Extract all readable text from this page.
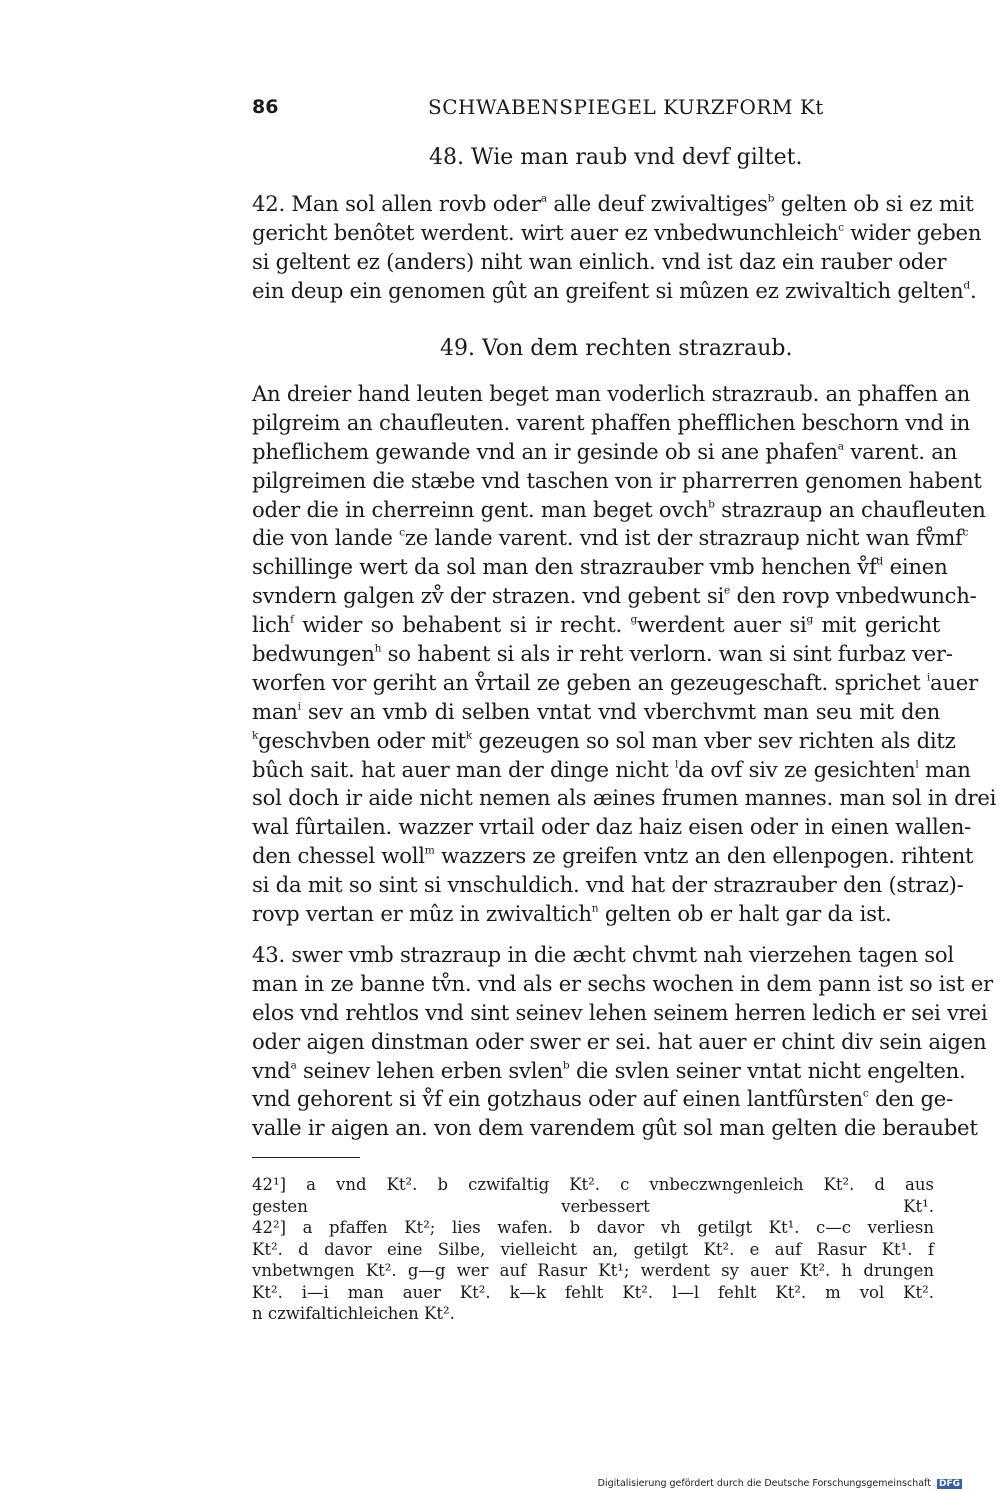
86	SCHWABENSPIEGEL KURZFORM Kt
48. Wie man raub vnd devf giltet.
42. Man sol allen rovb oder$^a$ alle deuf zwivaltiges$^b$ gelten ob si ez mit
gericht benôtet werdent. wirt auer ez vnbedwunchleich$^c$ wider geben
si geltent ez (anders) niht wan einlich. vnd ist daz ein rauber oder
ein deup ein genomen gût an greifent si mûzen ez zwivaltich gelten$^d$.
49. Von dem rechten strazraub.
An dreier hand leuten beget man voderlich strazraub. an phaffen an
pilgreim an chaufleuten. varent phaffen phefflichen beschorn vnd in
pheflichem gewande vnd an ir gesinde ob si ane phafen$^a$ varent. an
pilgreimen die stæbe vnd taschen von ir pharrerren genomen habent
oder die in cherreinn gent. man beget ovch$^b$ strazraup an chaufleuten
die von lande $^c$ze lande varent. vnd ist der strazraup nicht wan $fv̊mf^c$
schillinge wert da sol man den strazrauber vmb henchen $v̊f^d$ einen
svndern galgen zv̊ der strazen. vnd gebent $si^e$ den rovp vnbedwunch-
lich$^f$ wider so behabent si ir recht. $^g$werdent auer $si^g$ mit gericht
bedwungen$^h$ so habent si als ir reht verlorn. wan si sint furbaz ver-
worfen vor geriht an v̊rtail ze geben an gezeugeschaft. sprichet $^i$auer
man$^i$ sev an vmb di selben vntat vnd vberchvmt man seu mit den
$^k$geschvben oder mit$^k$ gezeugen so sol man vber sev richten als ditz
bûch sait. hat auer man der dinge nicht $^l$da ovf siv ze gesichten$^l$ man
sol doch ir aide nicht nemen als æines frumen mannes. man sol in drei
wal fûrtailen. wazzer vrtail oder daz haiz eisen oder in einen wallen-
den chessel woll$^m$ wazzers ze greifen vntz an den ellenpogen. rihtent
si da mit so sint si vnschuldich. vnd hat der strazrauber den (straz)-
rovp vertan er mûz in zwivaltich$^n$ gelten ob er halt gar da ist.
43. swer vmb strazraup in die æcht chvmt nah vierzehen tagen sol
man in ze banne tv̊n. vnd als er sechs wochen in dem pann ist so ist er
elos vnd rehtlos vnd sint seinev lehen seinem herren ledich er sei vrei
oder aigen dinstman oder swer er sei. hat auer er chint div sein aigen
vnd$^a$ seinev lehen erben svlen$^b$ die svlen seiner vntat nicht engelten.
vnd gehorent si v̊f ein gotzhaus oder auf einen lantfûrsten$^c$ den ge-
valle ir aigen an. von dem varendem gût sol man gelten die beraubet
42¹] a vnd Kt². b czwifaltig Kt². c vnbeczwngenleich Kt². d aus
gesten verbessert Kt¹.
42²] a pfaffen Kt²; lies wafen. b davor vh getilgt Kt¹. c—c verliesn
Kt². d davor eine Silbe, vielleicht an, getilgt Kt². e auf Rasur Kt¹. f
vnbetwngen Kt². g—g wer auf Rasur Kt¹; werdent sy auer Kt². h drungen
Kt². i—i man auer Kt². k—k fehlt Kt². l—l fehlt Kt². m vol Kt².
n czwifaltichleichen Kt².
Digitalisierung gefördert durch die Deutsche Forschungsgemeinschaft DFG
